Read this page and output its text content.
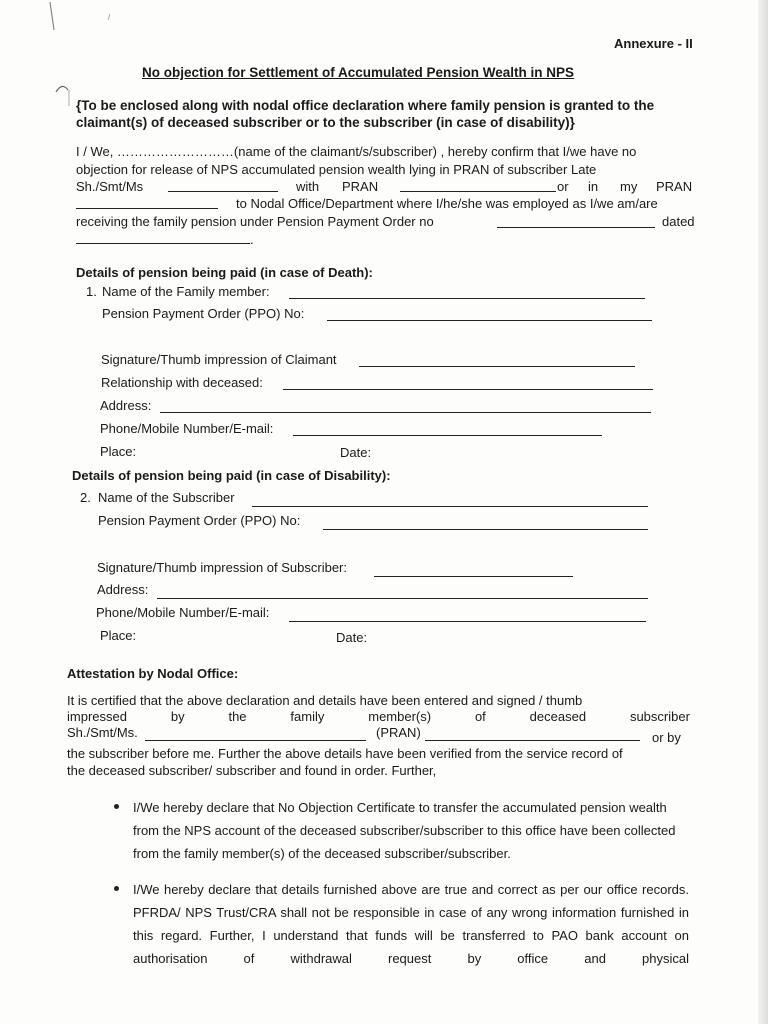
Annexure - II
No objection for Settlement of Accumulated Pension Wealth in NPS
{To be enclosed along with nodal office declaration where family pension is granted to the claimant(s) of deceased subscriber or to the subscriber (in case of disability)}
I / We, ………………………(name of the claimant/s/subscriber) , hereby confirm that I/we have no
objection for release of NPS accumulated pension wealth lying in PRAN of subscriber Late
Sh./Smt/Ms	with PRAN	or in my PRAN
to Nodal Office/Department where I/he/she was employed as I/we am/are
receiving the family pension under Pension Payment Order no	dated
.
Details of pension being paid (in case of Death):
1. Name of the Family member:
Pension Payment Order (PPO) No:
Signature/Thumb impression of Claimant
Relationship with deceased:
Address:
Phone/Mobile Number/E-mail:
Place:	Date:
Details of pension being paid (in case of Disability):
2. Name of the Subscriber
Pension Payment Order (PPO) No:
Signature/Thumb impression of Subscriber:
Address:
Phone/Mobile Number/E-mail:
Place:	Date:
Attestation by Nodal Office:
It is certified that the above declaration and details have been entered and signed / thumb
impressed	by	the	family	member(s)	of	deceased	subscriber
Sh./Smt/Ms.	(PRAN)	or by
the subscriber before me. Further the above details have been verified from the service record of
the deceased subscriber/ subscriber and found in order. Further,
I/We hereby declare that No Objection Certificate to transfer the accumulated pension wealth from the NPS account of the deceased subscriber/subscriber to this office have been collected from the family member(s) of the deceased subscriber/subscriber.
I/We hereby declare that details furnished above are true and correct as per our office records. PFRDA/ NPS Trust/CRA shall not be responsible in case of any wrong information furnished in this regard. Further, I understand that funds will be transferred to PAO bank account on authorisation of withdrawal request by office and physical
